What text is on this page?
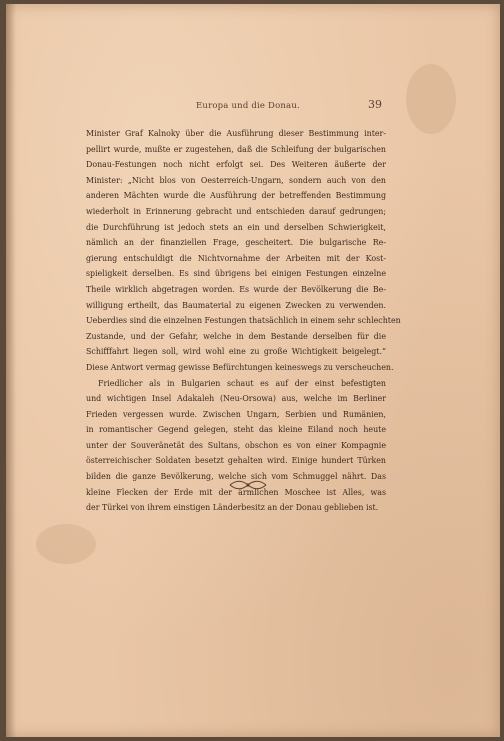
Europa und die Donau.	39
Minister Graf Kalnoky über die Ausführung dieser Bestimmung inter-
pellirt wurde, mußte er zugestehen, daß die Schleifung der bulgarischen
Donau-Festungen noch nicht erfolgt sei. Des Weiteren äußerte der
Minister: „Nicht blos von Oesterreich-Ungarn, sondern auch von den
anderen Mächten wurde die Ausführung der betreffenden Bestimmung
wiederholt in Erinnerung gebracht und entschieden darauf gedrungen;
die Durchführung ist jedoch stets an ein und derselben Schwierigkeit,
nämlich an der finanziellen Frage, gescheitert. Die bulgarische Re-
gierung entschuldigt die Nichtvornahme der Arbeiten mit der Kost-
spieligkeit derselben. Es sind übrigens bei einigen Festungen einzelne
Theile wirklich abgetragen worden. Es wurde der Bevölkerung die Be-
willigung ertheilt, das Baumaterial zu eigenen Zwecken zu verwenden.
Ueberdies sind die einzelnen Festungen thatsächlich in einem sehr schlechten
Zustande, und der Gefahr, welche in dem Bestande derselben für die
Schifffahrt liegen soll, wird wohl eine zu große Wichtigkeit beigelegt.“
Diese Antwort vermag gewisse Befürchtungen keineswegs zu verscheuchen.
Friedlicher als in Bulgarien schaut es auf der einst befestigten
und wichtigen Insel Adakaleh (Neu-Orsowa) aus, welche im Berliner
Frieden vergessen wurde. Zwischen Ungarn, Serbien und Rumänien,
in romantischer Gegend gelegen, steht das kleine Eiland noch heute
unter der Souveränetät des Sultans, obschon es von einer Kompagnie
österreichischer Soldaten besetzt gehalten wird. Einige hundert Türken
bilden die ganze Bevölkerung, welche sich vom Schmuggel nährt. Das
kleine Flecken der Erde mit der ärmlichen Moschee ist Alles, was
der Türkei von ihrem einstigen Länderbesitz an der Donau geblieben ist.
